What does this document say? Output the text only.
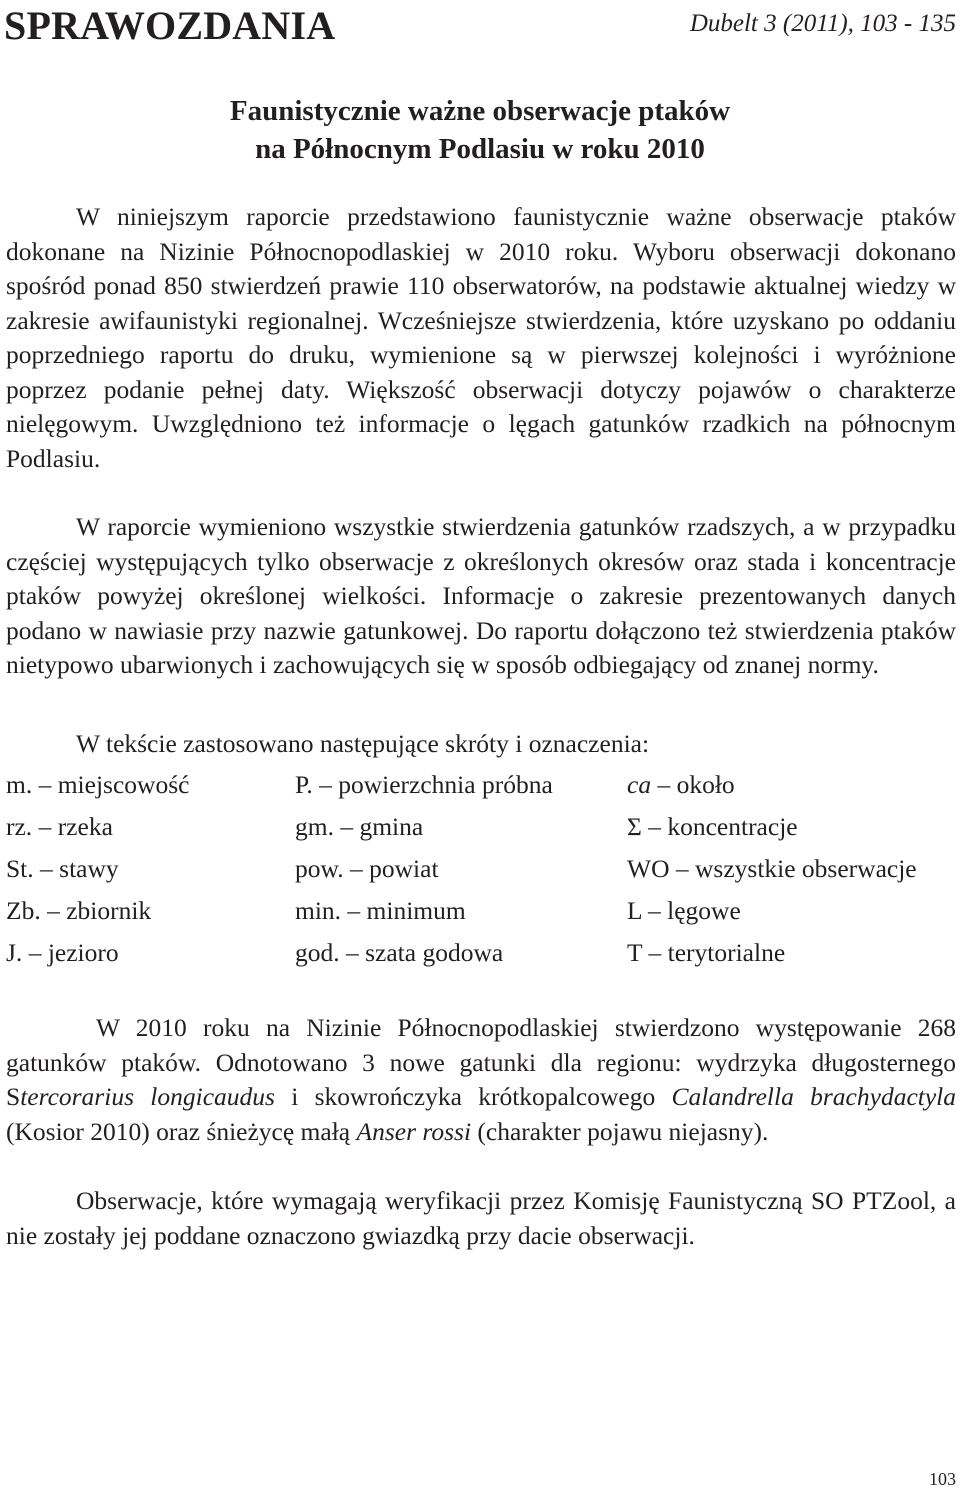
SPRAWOZDANIA	Dubelt 3 (2011), 103 - 135
Faunistycznie ważne obserwacje ptaków
na Północnym Podlasiu w roku 2010

W niniejszym raporcie przedstawiono faunistycznie ważne obserwacje ptaków dokonane na Nizinie Północnopodlaskiej w 2010 roku. Wyboru obserwacji dokonano spośród ponad 850 stwierdzeń prawie 110 obserwatorów, na podstawie aktualnej wiedzy w zakresie awifaunistyki regionalnej. Wcześniejsze stwierdzenia, które uzyskano po oddaniu poprzedniego raportu do druku, wymienione są w pierwszej kolejności i wyróżnione poprzez podanie pełnej daty. Większość obserwacji dotyczy pojawów o charakterze nielęgowym. Uwzględniono też informacje o lęgach gatunków rzadkich na północnym Podlasiu.

W raporcie wymieniono wszystkie stwierdzenia gatunków rzadszych, a w przypadku częściej występujących tylko obserwacje z określonych okresów oraz stada i koncentracje ptaków powyżej określonej wielkości. Informacje o zakresie prezentowanych danych podano w nawiasie przy nazwie gatunkowej. Do raportu dołączono też stwierdzenia ptaków nietypowo ubarwionych i zachowujących się w sposób odbiegający od znanej normy.

W tekście zastosowano następujące skróty i oznaczenia:
m. – miejscowość	P. – powierzchnia próbna	ca – około
rz. – rzeka	gm. – gmina	Σ – koncentracje
St. – stawy	pow. – powiat	WO – wszystkie obserwacje
Zb. – zbiornik	min. – minimum	L – lęgowe
J. – jezioro	god. – szata godowa	T – terytorialne

W 2010 roku na Nizinie Północnopodlaskiej stwierdzono występowanie 268 gatunków ptaków. Odnotowano 3 nowe gatunki dla regionu: wydrzyka długosternego Stercorarius longicaudus i skowrończyka krótkopalcowego Calandrella brachydactyla (Kosior 2010) oraz śnieżycę małą Anser rossi (charakter pojawu niejasny).

Obserwacje, które wymagają weryfikacji przez Komisję Faunistyczną SO PTZool, a nie zostały jej poddane oznaczono gwiazdką przy dacie obserwacji.

103
